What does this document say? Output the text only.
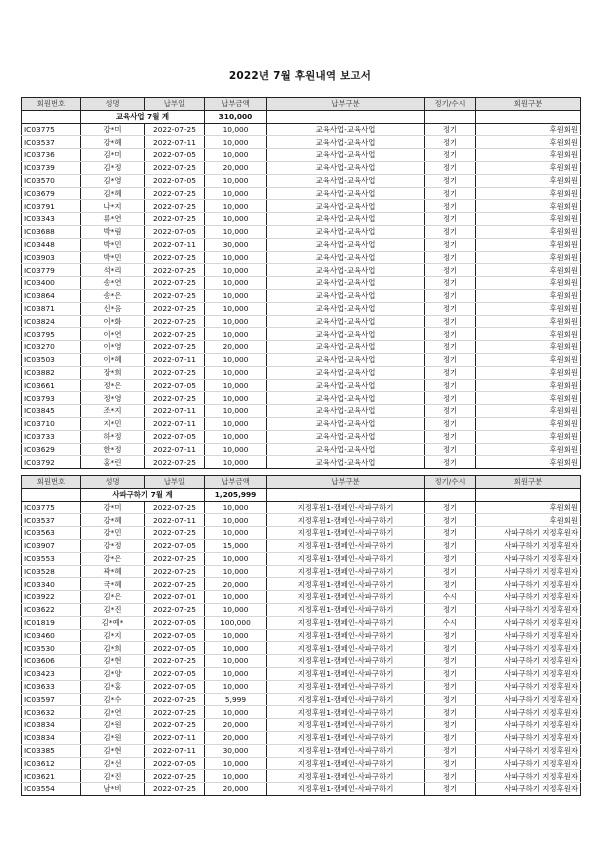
2022년 7월 후원내역 보고서
회원번호	성명	납부일	납부금액	납부구분	정기/수시	회원구분
	교육사업 7월 계		310,000			
IC03775	강*미	2022-07-25	10,000	교육사업-교육사업	정기	후원회원
IC03537	강*혜	2022-07-11	10,000	교육사업-교육사업	정기	후원회원
IC03736	김*미	2022-07-05	10,000	교육사업-교육사업	정기	후원회원
IC03739	김*정	2022-07-25	20,000	교육사업-교육사업	정기	후원회원
IC03570	김*영	2022-07-05	10,000	교육사업-교육사업	정기	후원회원
IC03679	김*혜	2022-07-25	10,000	교육사업-교육사업	정기	후원회원
IC03791	나*지	2022-07-25	10,000	교육사업-교육사업	정기	후원회원
IC03343	류*연	2022-07-25	10,000	교육사업-교육사업	정기	후원회원
IC03688	박*림	2022-07-05	10,000	교육사업-교육사업	정기	후원회원
IC03448	박*민	2022-07-11	30,000	교육사업-교육사업	정기	후원회원
IC03903	박*민	2022-07-25	10,000	교육사업-교육사업	정기	후원회원
IC03779	석*리	2022-07-25	10,000	교육사업-교육사업	정기	후원회원
IC03400	송*연	2022-07-25	10,000	교육사업-교육사업	정기	후원회원
IC03864	송*은	2022-07-25	10,000	교육사업-교육사업	정기	후원회원
IC03871	신*음	2022-07-25	10,000	교육사업-교육사업	정기	후원회원
IC03824	이*화	2022-07-25	10,000	교육사업-교육사업	정기	후원회원
IC03795	이*연	2022-07-25	10,000	교육사업-교육사업	정기	후원회원
IC03270	이*영	2022-07-25	20,000	교육사업-교육사업	정기	후원회원
IC03503	이*혜	2022-07-11	10,000	교육사업-교육사업	정기	후원회원
IC03882	장*희	2022-07-25	10,000	교육사업-교육사업	정기	후원회원
IC03661	정*은	2022-07-05	10,000	교육사업-교육사업	정기	후원회원
IC03793	정*영	2022-07-25	10,000	교육사업-교육사업	정기	후원회원
IC03845	조*지	2022-07-11	10,000	교육사업-교육사업	정기	후원회원
IC03710	지*민	2022-07-11	10,000	교육사업-교육사업	정기	후원회원
IC03733	하*정	2022-07-05	10,000	교육사업-교육사업	정기	후원회원
IC03629	한*정	2022-07-11	10,000	교육사업-교육사업	정기	후원회원
IC03792	홍*린	2022-07-25	10,000	교육사업-교육사업	정기	후원회원
회원번호	성명	납부일	납부금액	납부구분	정기/수시	회원구분
	사파구하기 7월 계		1,205,999			
IC03775	강*미	2022-07-25	10,000	지정후원1-캠페인-사파구하기	정기	후원회원
IC03537	강*혜	2022-07-11	10,000	지정후원1-캠페인-사파구하기	정기	후원회원
IC03563	강*민	2022-07-25	10,000	지정후원1-캠페인-사파구하기	정기	사파구하기 지정후원자
IC03907	강*정	2022-07-05	15,000	지정후원1-캠페인-사파구하기	정기	사파구하기 지정후원자
IC03553	강*은	2022-07-25	10,000	지정후원1-캠페인-사파구하기	정기	사파구하기 지정후원자
IC03528	곽*혜	2022-07-25	10,000	지정후원1-캠페인-사파구하기	정기	사파구하기 지정후원자
IC03340	국*혜	2022-07-25	20,000	지정후원1-캠페인-사파구하기	정기	사파구하기 지정후원자
IC03922	김*은	2022-07-01	10,000	지정후원1-캠페인-사파구하기	수시	사파구하기 지정후원자
IC03622	김*진	2022-07-25	10,000	지정후원1-캠페인-사파구하기	정기	사파구하기 지정후원자
IC01819	김*예*	2022-07-05	100,000	지정후원1-캠페인-사파구하기	수시	사파구하기 지정후원자
IC03460	김*지	2022-07-05	10,000	지정후원1-캠페인-사파구하기	정기	사파구하기 지정후원자
IC03530	김*희	2022-07-05	10,000	지정후원1-캠페인-사파구하기	정기	사파구하기 지정후원자
IC03606	김*현	2022-07-25	10,000	지정후원1-캠페인-사파구하기	정기	사파구하기 지정후원자
IC03423	김*양	2022-07-05	10,000	지정후원1-캠페인-사파구하기	정기	사파구하기 지정후원자
IC03633	김*홍	2022-07-05	10,000	지정후원1-캠페인-사파구하기	정기	사파구하기 지정후원자
IC03597	김*수	2022-07-25	5,999	지정후원1-캠페인-사파구하기	정기	사파구하기 지정후원자
IC03632	김*연	2022-07-25	10,000	지정후원1-캠페인-사파구하기	정기	사파구하기 지정후원자
IC03834	김*원	2022-07-25	20,000	지정후원1-캠페인-사파구하기	정기	사파구하기 지정후원자
IC03834	김*원	2022-07-11	20,000	지정후원1-캠페인-사파구하기	정기	사파구하기 지정후원자
IC03385	김*현	2022-07-11	30,000	지정후원1-캠페인-사파구하기	정기	사파구하기 지정후원자
IC03612	김*선	2022-07-05	10,000	지정후원1-캠페인-사파구하기	정기	사파구하기 지정후원자
IC03621	김*진	2022-07-25	10,000	지정후원1-캠페인-사파구하기	정기	사파구하기 지정후원자
IC03554	남*비	2022-07-25	20,000	지정후원1-캠페인-사파구하기	정기	사파구하기 지정후원자
